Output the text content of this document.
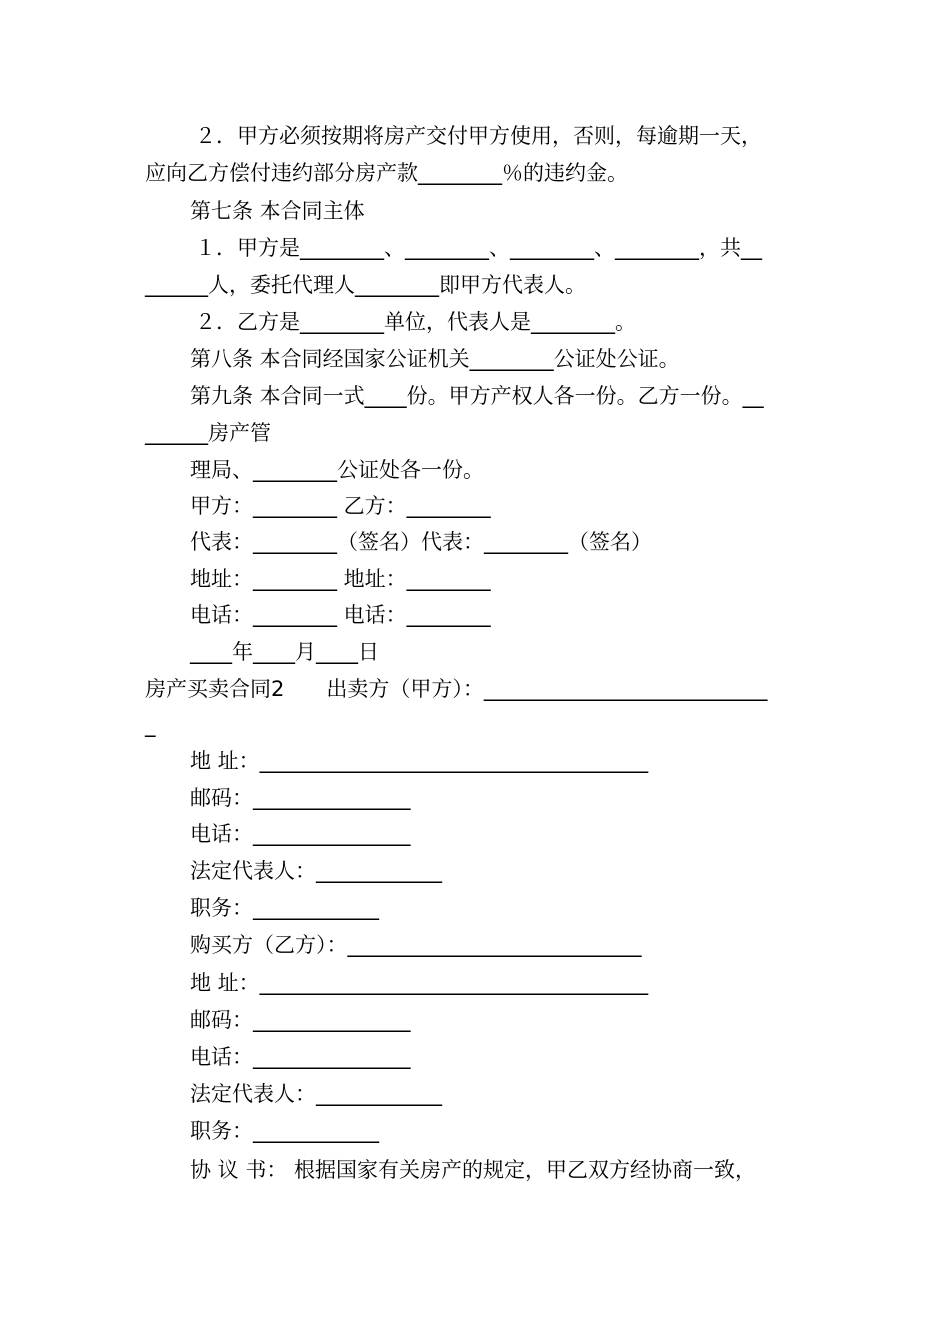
２．甲方必须按期将房产交付甲方使用，否则，每逾期一天，
应向乙方偿付违约部分房产款________％的违约金。
第七条 本合同主体
１．甲方是________、________、________、________，共__
______人，委托代理人________即甲方代表人。
２．乙方是________单位，代表人是________。
第八条 本合同经国家公证机关________公证处公证。
第九条 本合同一式____份。甲方产权人各一份。乙方一份。__
______房产管
理局、________公证处各一份。
甲方：________ 乙方：________
代表：________（签名）代表：________（签名）
地址：________ 地址：________
电话：________ 电话：________
____年____月____日
房产买卖合同2　　出卖方（甲方）：___________________________
_
地 址：_____________________________________
邮码：_______________
电话：_______________
法定代表人：____________
职务：____________
购买方（乙方）：____________________________
地 址：_____________________________________
邮码：_______________
电话：_______________
法定代表人：____________
职务：____________
协 议 书： 根据国家有关房产的规定，甲乙双方经协商一致，
